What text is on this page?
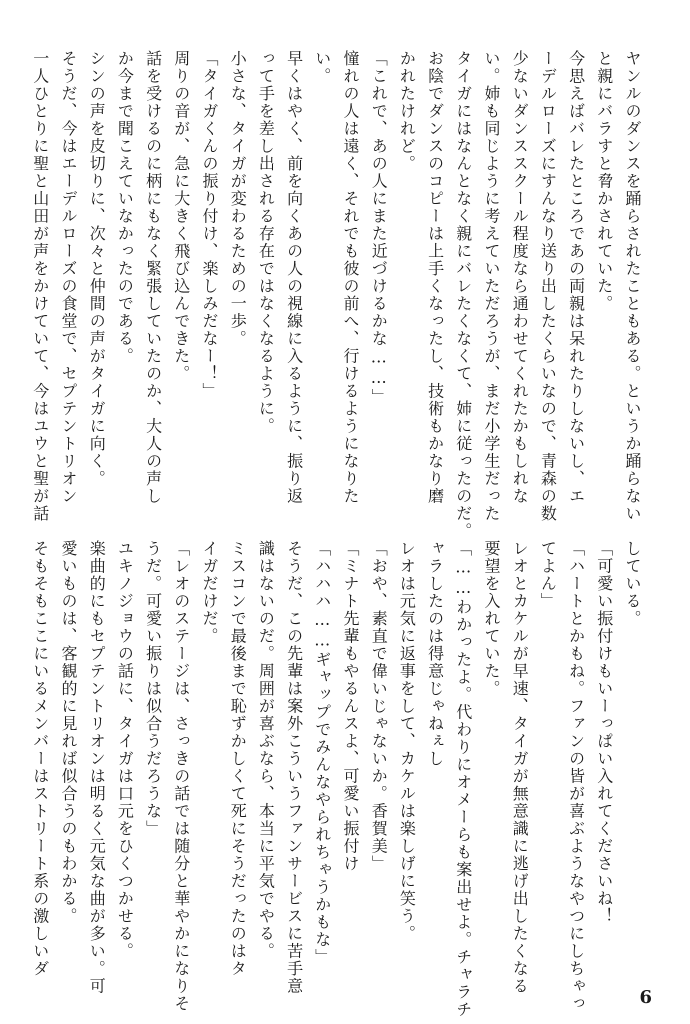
ヤンルのダンスを踊らされたこともある。というか踊らない
と親にバラすと脅かされていた。
今思えばバレたところであの両親は呆れたりしないし、エ
ーデルローズにすんなり送り出したくらいなので、青森の数
少ないダンススクール程度なら通わせてくれたかもしれな
い。姉も同じように考えていただろうが、まだ小学生だった
タイガにはなんとなく親にバレたくなくて、姉に従ったのだ。
お陰でダンスのコピーは上手くなったし、技術もかなり磨
かれたけれど。
「これで、あの人にまた近づけるかな……」
憧れの人は遠く、それでも彼の前へ、行けるようになりた
い。
早くはやく、前を向くあの人の視線に入るように、振り返
って手を差し出される存在ではなくなるように。
小さな、タイガが変わるための一歩。
「タイガくんの振り付け、楽しみだなー！」
周りの音が、急に大きく飛び込んできた。
話を受けるのに柄にもなく緊張していたのか、大人の声し
か今まで聞こえていなかったのである。
シンの声を皮切りに、次々と仲間の声がタイガに向く。
そうだ、今はエーデルローズの食堂で、セプテントリオン
一人ひとりに聖と山田が声をかけていて、今はユウと聖が話
している。
「可愛い振付けもいーっぱい入れてくださいね！
「ハートとかもね。ファンの皆が喜ぶようなやつにしちゃっ
てよん」
レオとカケルが早速、タイガが無意識に逃げ出したくなる
要望を入れていた。
「……わかったよ。代わりにオメーらも案出せよ。チャラチ
ャラしたのは得意じゃねぇし
レオは元気に返事をして、カケルは楽しげに笑う。
「おや、素直で偉いじゃないか。香賀美」
「ミナト先輩もやるんスよ、可愛い振付け
「ハハハ……ギャップでみんなやられちゃうかもな」
そうだ、この先輩は案外こういうファンサービスに苦手意
識はないのだ。周囲が喜ぶなら、本当に平気でやる。
ミスコンで最後まで恥ずかしくて死にそうだったのはタ
イガだけだ。
「レオのステージは、さっきの話では随分と華やかになりそ
うだ。可愛い振りは似合うだろうな」
ユキノジョウの話に、タイガは口元をひくつかせる。
楽曲的にもセプテントリオンは明るく元気な曲が多い。可
愛いものは、客観的に見れば似合うのもわかる。
そもそもここにいるメンバーはストリート系の激しいダ
6
